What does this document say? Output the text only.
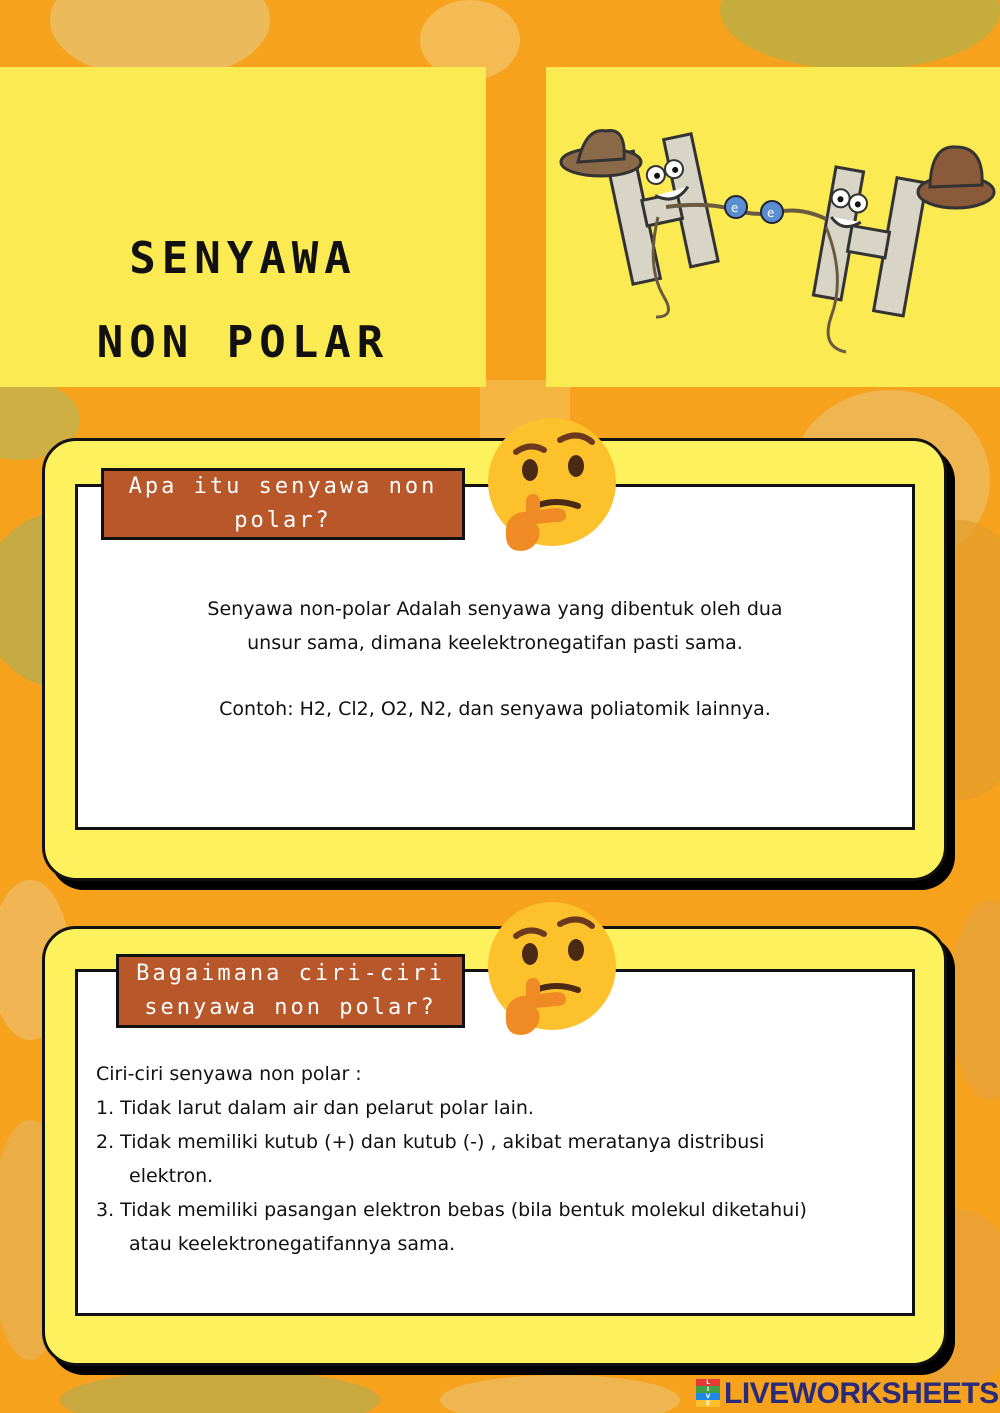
SENYAWA
NON POLAR
e e
Apa itu senyawa non
polar?
Senyawa non-polar Adalah senyawa yang dibentuk oleh dua
unsur sama, dimana keelektronegatifan pasti sama.
Contoh: H2, Cl2, O2, N2, dan senyawa poliatomik lainnya.
Bagaimana ciri-ciri
senyawa non polar?
Ciri-ciri senyawa non polar :
1. Tidak larut dalam air dan pelarut polar lain.
2. Tidak memiliki kutub (+) dan kutub (-) , akibat meratanya distribusi
elektron.
3. Tidak memiliki pasangan elektron bebas (bila bentuk molekul diketahui)
atau keelektronegatifannya sama.
L
I
V
E LIVEWORKSHEETS
